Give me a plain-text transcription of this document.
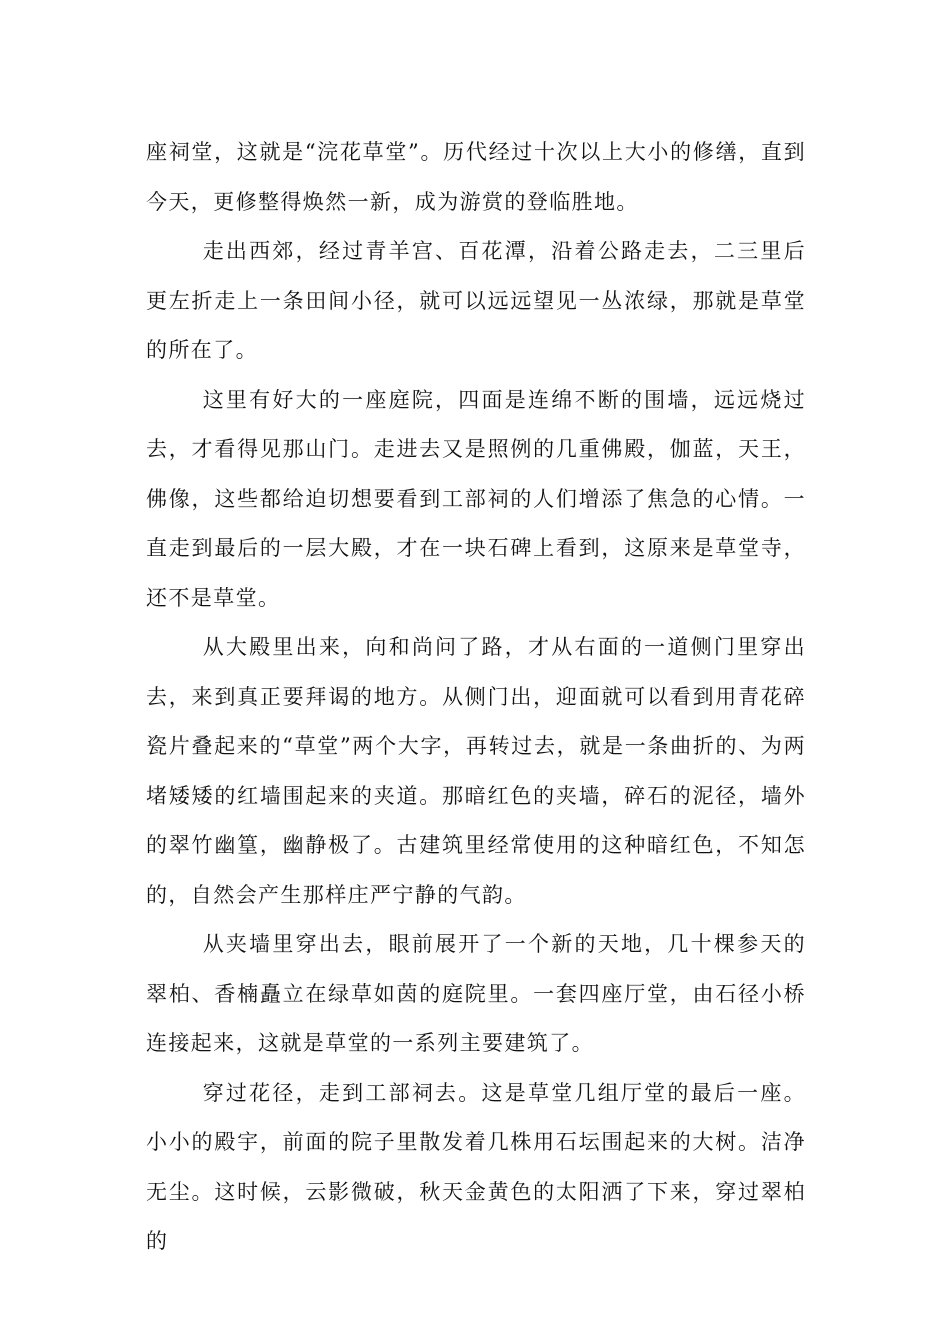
座祠堂，这就是“浣花草堂”。历代经过十次以上大小的修缮，直到今天，更修整得焕然一新，成为游赏的登临胜地。

走出西郊，经过青羊宫、百花潭，沿着公路走去，二三里后更左折走上一条田间小径，就可以远远望见一丛浓绿，那就是草堂的所在了。

这里有好大的一座庭院，四面是连绵不断的围墙，远远烧过去，才看得见那山门。走进去又是照例的几重佛殿，伽蓝，天王，佛像，这些都给迫切想要看到工部祠的人们增添了焦急的心情。一直走到最后的一层大殿，才在一块石碑上看到，这原来是草堂寺，还不是草堂。

从大殿里出来，向和尚问了路，才从右面的一道侧门里穿出去，来到真正要拜谒的地方。从侧门出，迎面就可以看到用青花碎瓷片叠起来的“草堂”两个大字，再转过去，就是一条曲折的、为两堵矮矮的红墙围起来的夹道。那暗红色的夹墙，碎石的泥径，墙外的翠竹幽篁，幽静极了。古建筑里经常使用的这种暗红色，不知怎的，自然会产生那样庄严宁静的气韵。

从夹墙里穿出去，眼前展开了一个新的天地，几十棵参天的翠柏、香楠矗立在绿草如茵的庭院里。一套四座厅堂，由石径小桥连接起来，这就是草堂的一系列主要建筑了。

穿过花径，走到工部祠去。这是草堂几组厅堂的最后一座。小小的殿宇，前面的院子里散发着几株用石坛围起来的大树。洁净无尘。这时候，云影微破，秋天金黄色的太阳洒了下来，穿过翠柏的
